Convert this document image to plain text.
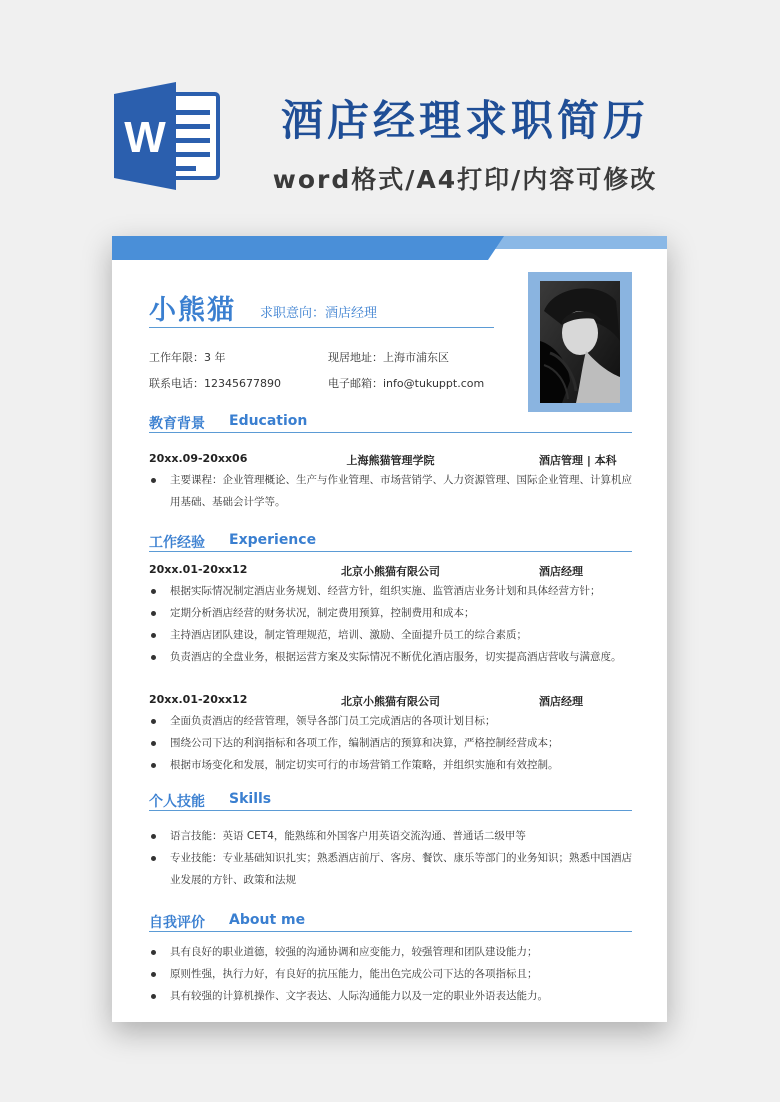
W	酒店经理求职简历
word格式/A4打印/内容可修改
小熊猫 求职意向：酒店经理
工作年限：3 年	现居地址：上海市浦东区
联系电话：12345677890	电子邮箱：info@tukuppt.com
教育背景 Education
20xx.09-20xx06	上海熊猫管理学院	酒店管理 | 本科
主要课程：企业管理概论、生产与作业管理、市场营销学、人力资源管理、国际企业管理、计算机应用基础、基础会计学等。
工作经验 Experience
20xx.01-20xx12	北京小熊猫有限公司	酒店经理
根据实际情况制定酒店业务规划、经营方针，组织实施、监管酒店业务计划和具体经营方针；
定期分析酒店经营的财务状况，制定费用预算，控制费用和成本；
主持酒店团队建设，制定管理规范，培训、激励、全面提升员工的综合素质；
负责酒店的全盘业务，根据运营方案及实际情况不断优化酒店服务，切实提高酒店营收与满意度。
20xx.01-20xx12	北京小熊猫有限公司	酒店经理
全面负责酒店的经营管理，领导各部门员工完成酒店的各项计划目标；
围绕公司下达的利润指标和各项工作，编制酒店的预算和决算，严格控制经营成本；
根据市场变化和发展，制定切实可行的市场营销工作策略，并组织实施和有效控制。
个人技能 Skills
语言技能：英语 CET4，能熟练和外国客户用英语交流沟通、普通话二级甲等
专业技能：专业基础知识扎实；熟悉酒店前厅、客房、餐饮、康乐等部门的业务知识；熟悉中国酒店业发展的方针、政策和法规
自我评价 About me
具有良好的职业道德，较强的沟通协调和应变能力，较强管理和团队建设能力；
原则性强，执行力好，有良好的抗压能力，能出色完成公司下达的各项指标且；
具有较强的计算机操作、文字表达、人际沟通能力以及一定的职业外语表达能力。
